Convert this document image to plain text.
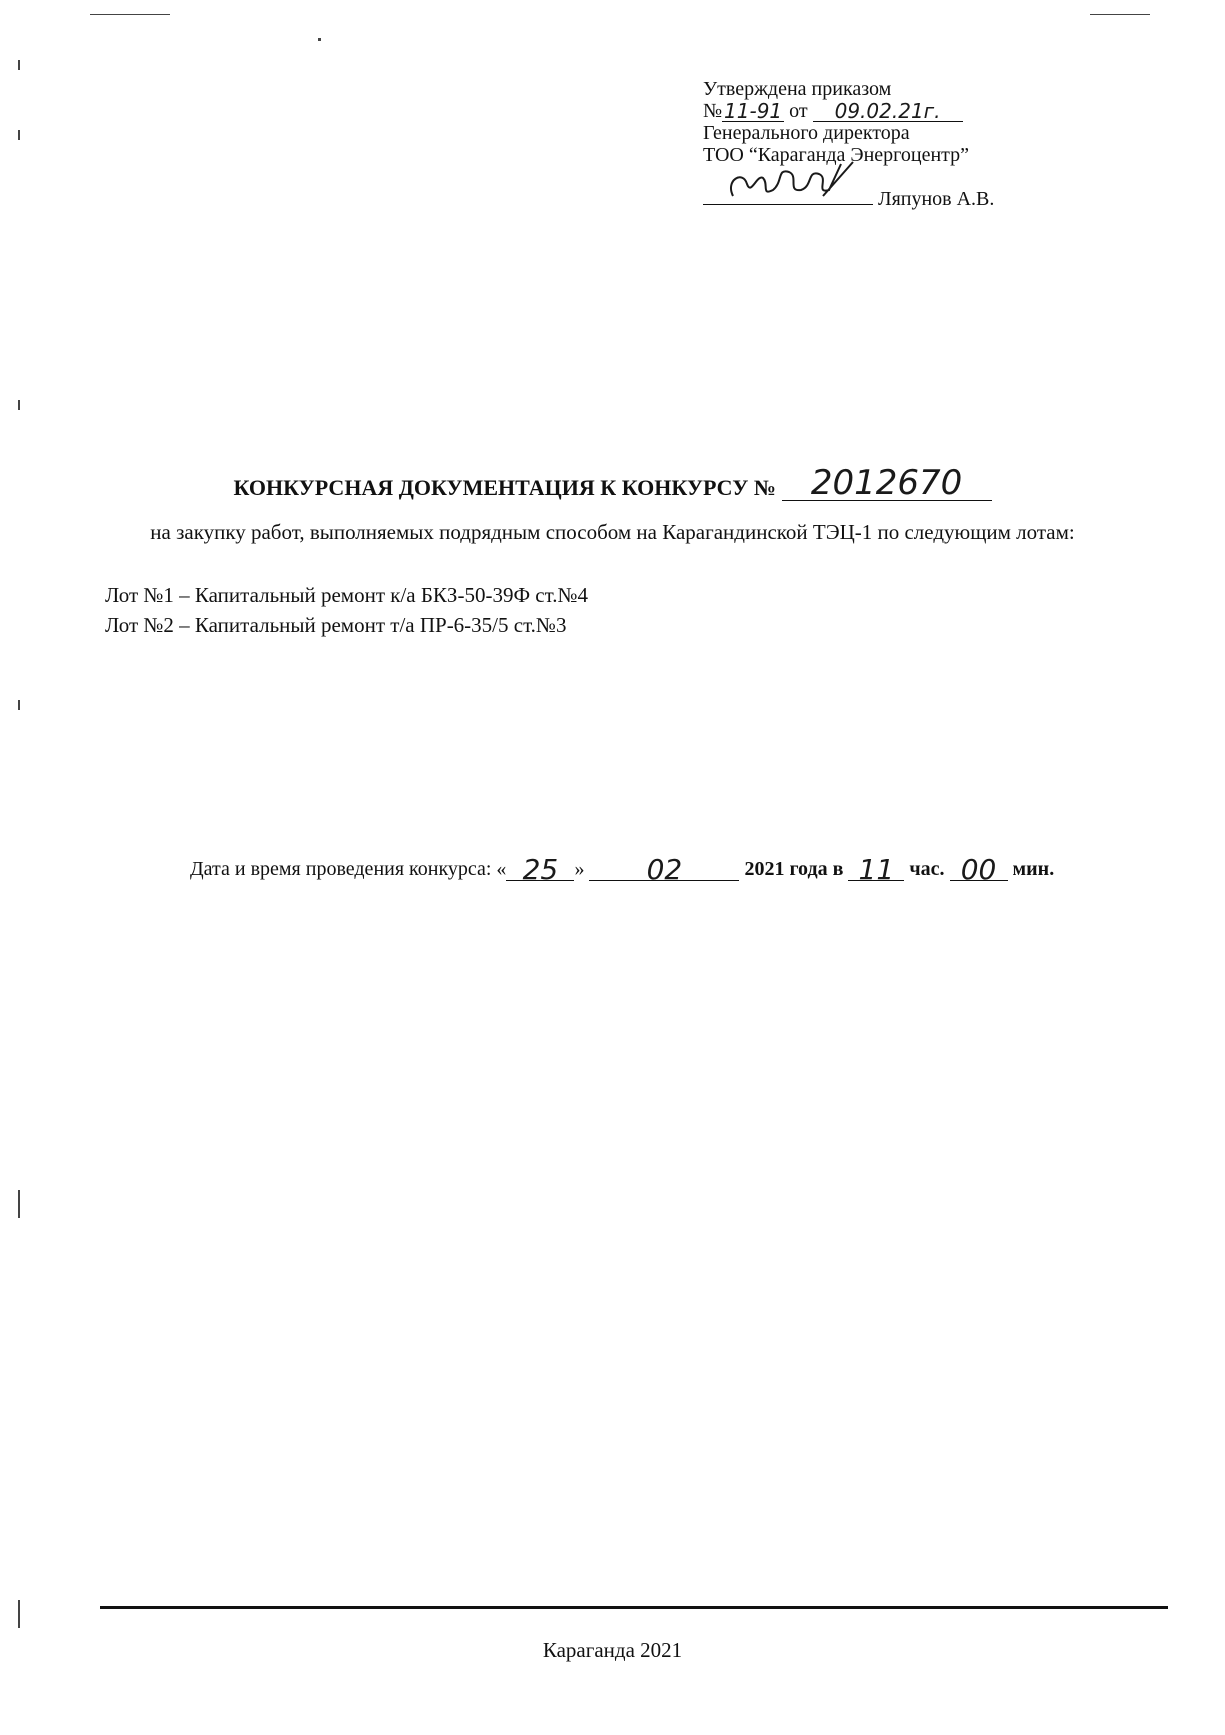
Утверждена приказом
№11-91 от 09.02.21г.
Генерального директора
ТОО “Караганда Энергоцентр”
Ляпунов А.В.
КОНКУРСНАЯ ДОКУМЕНТАЦИЯ К КОНКУРСУ № 2012670
на закупку работ, выполняемых подрядным способом на Карагандинской ТЭЦ-1 по следующим лотам:
Лот №1 – Капитальный ремонт к/а БКЗ-50-39Ф ст.№4
Лот №2 – Капитальный ремонт т/а ПР-6-35/5 ст.№3
Дата и время проведения конкурса: « 25 » 02	2021 года в 11 час. 00 мин.
Караганда 2021
